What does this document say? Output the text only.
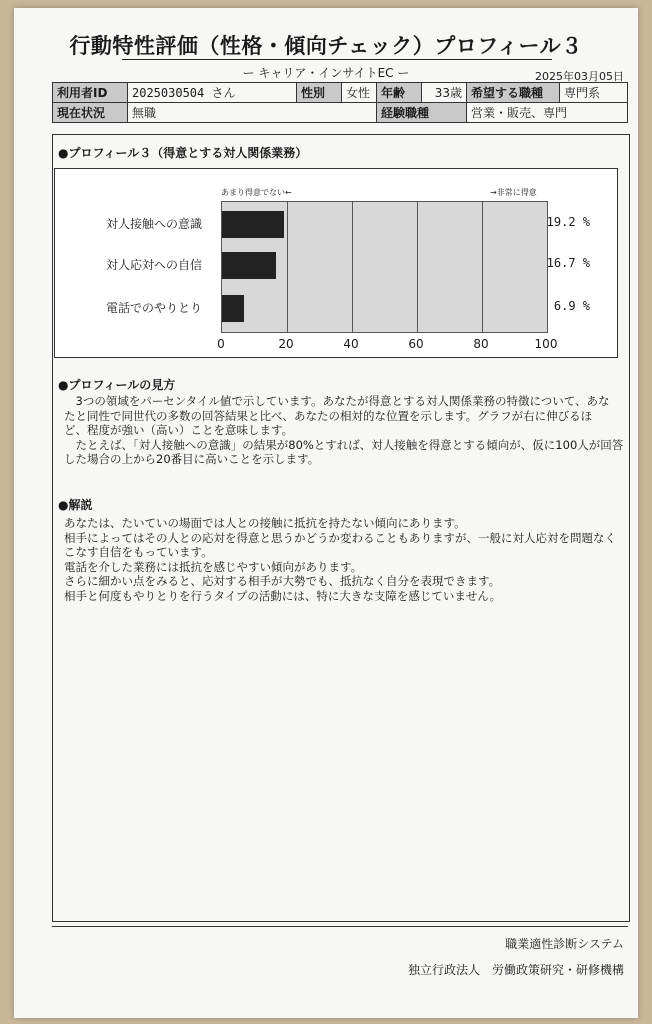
行動特性評価（性格・傾向チェック）プロフィール３
ー キャリア・インサイトEC ー	2025年03月05日
利用者ID	2025030504 さん	性別	女性	年齢	33歳	希望する職種	専門系
現在状況	無職			経験職種		営業・販売、専門	
●プロフィール３（得意とする対人関係業務）
あまり得意でない←	→非常に得意
対人接触への意識	19.2 %
対人応対への自信	16.7 %
電話でのやりとり	6.9 %
0	20	40	60	80	100
●プロフィールの見方
　3つの領域をパーセンタイル値で示しています。あなたが得意とする対人関係業務の特徴について、あな
たと同性で同世代の多数の回答結果と比べ、あなたの相対的な位置を示します。グラフが右に伸びるほ
ど、程度が強い（高い）ことを意味します。
　たとえば、「対人接触への意識」の結果が80%とすれば、対人接触を得意とする傾向が、仮に100人が回答
した場合の上から20番目に高いことを示します。
●解説
あなたは、たいていの場面では人との接触に抵抗を持たない傾向にあります。
相手によってはその人との応対を得意と思うかどうか変わることもありますが、一般に対人応対を問題なく
こなす自信をもっています。
電話を介した業務には抵抗を感じやすい傾向があります。
さらに細かい点をみると、応対する相手が大勢でも、抵抗なく自分を表現できます。
相手と何度もやりとりを行うタイプの活動には、特に大きな支障を感じていません。
職業適性診断システム
独立行政法人　労働政策研究・研修機構
